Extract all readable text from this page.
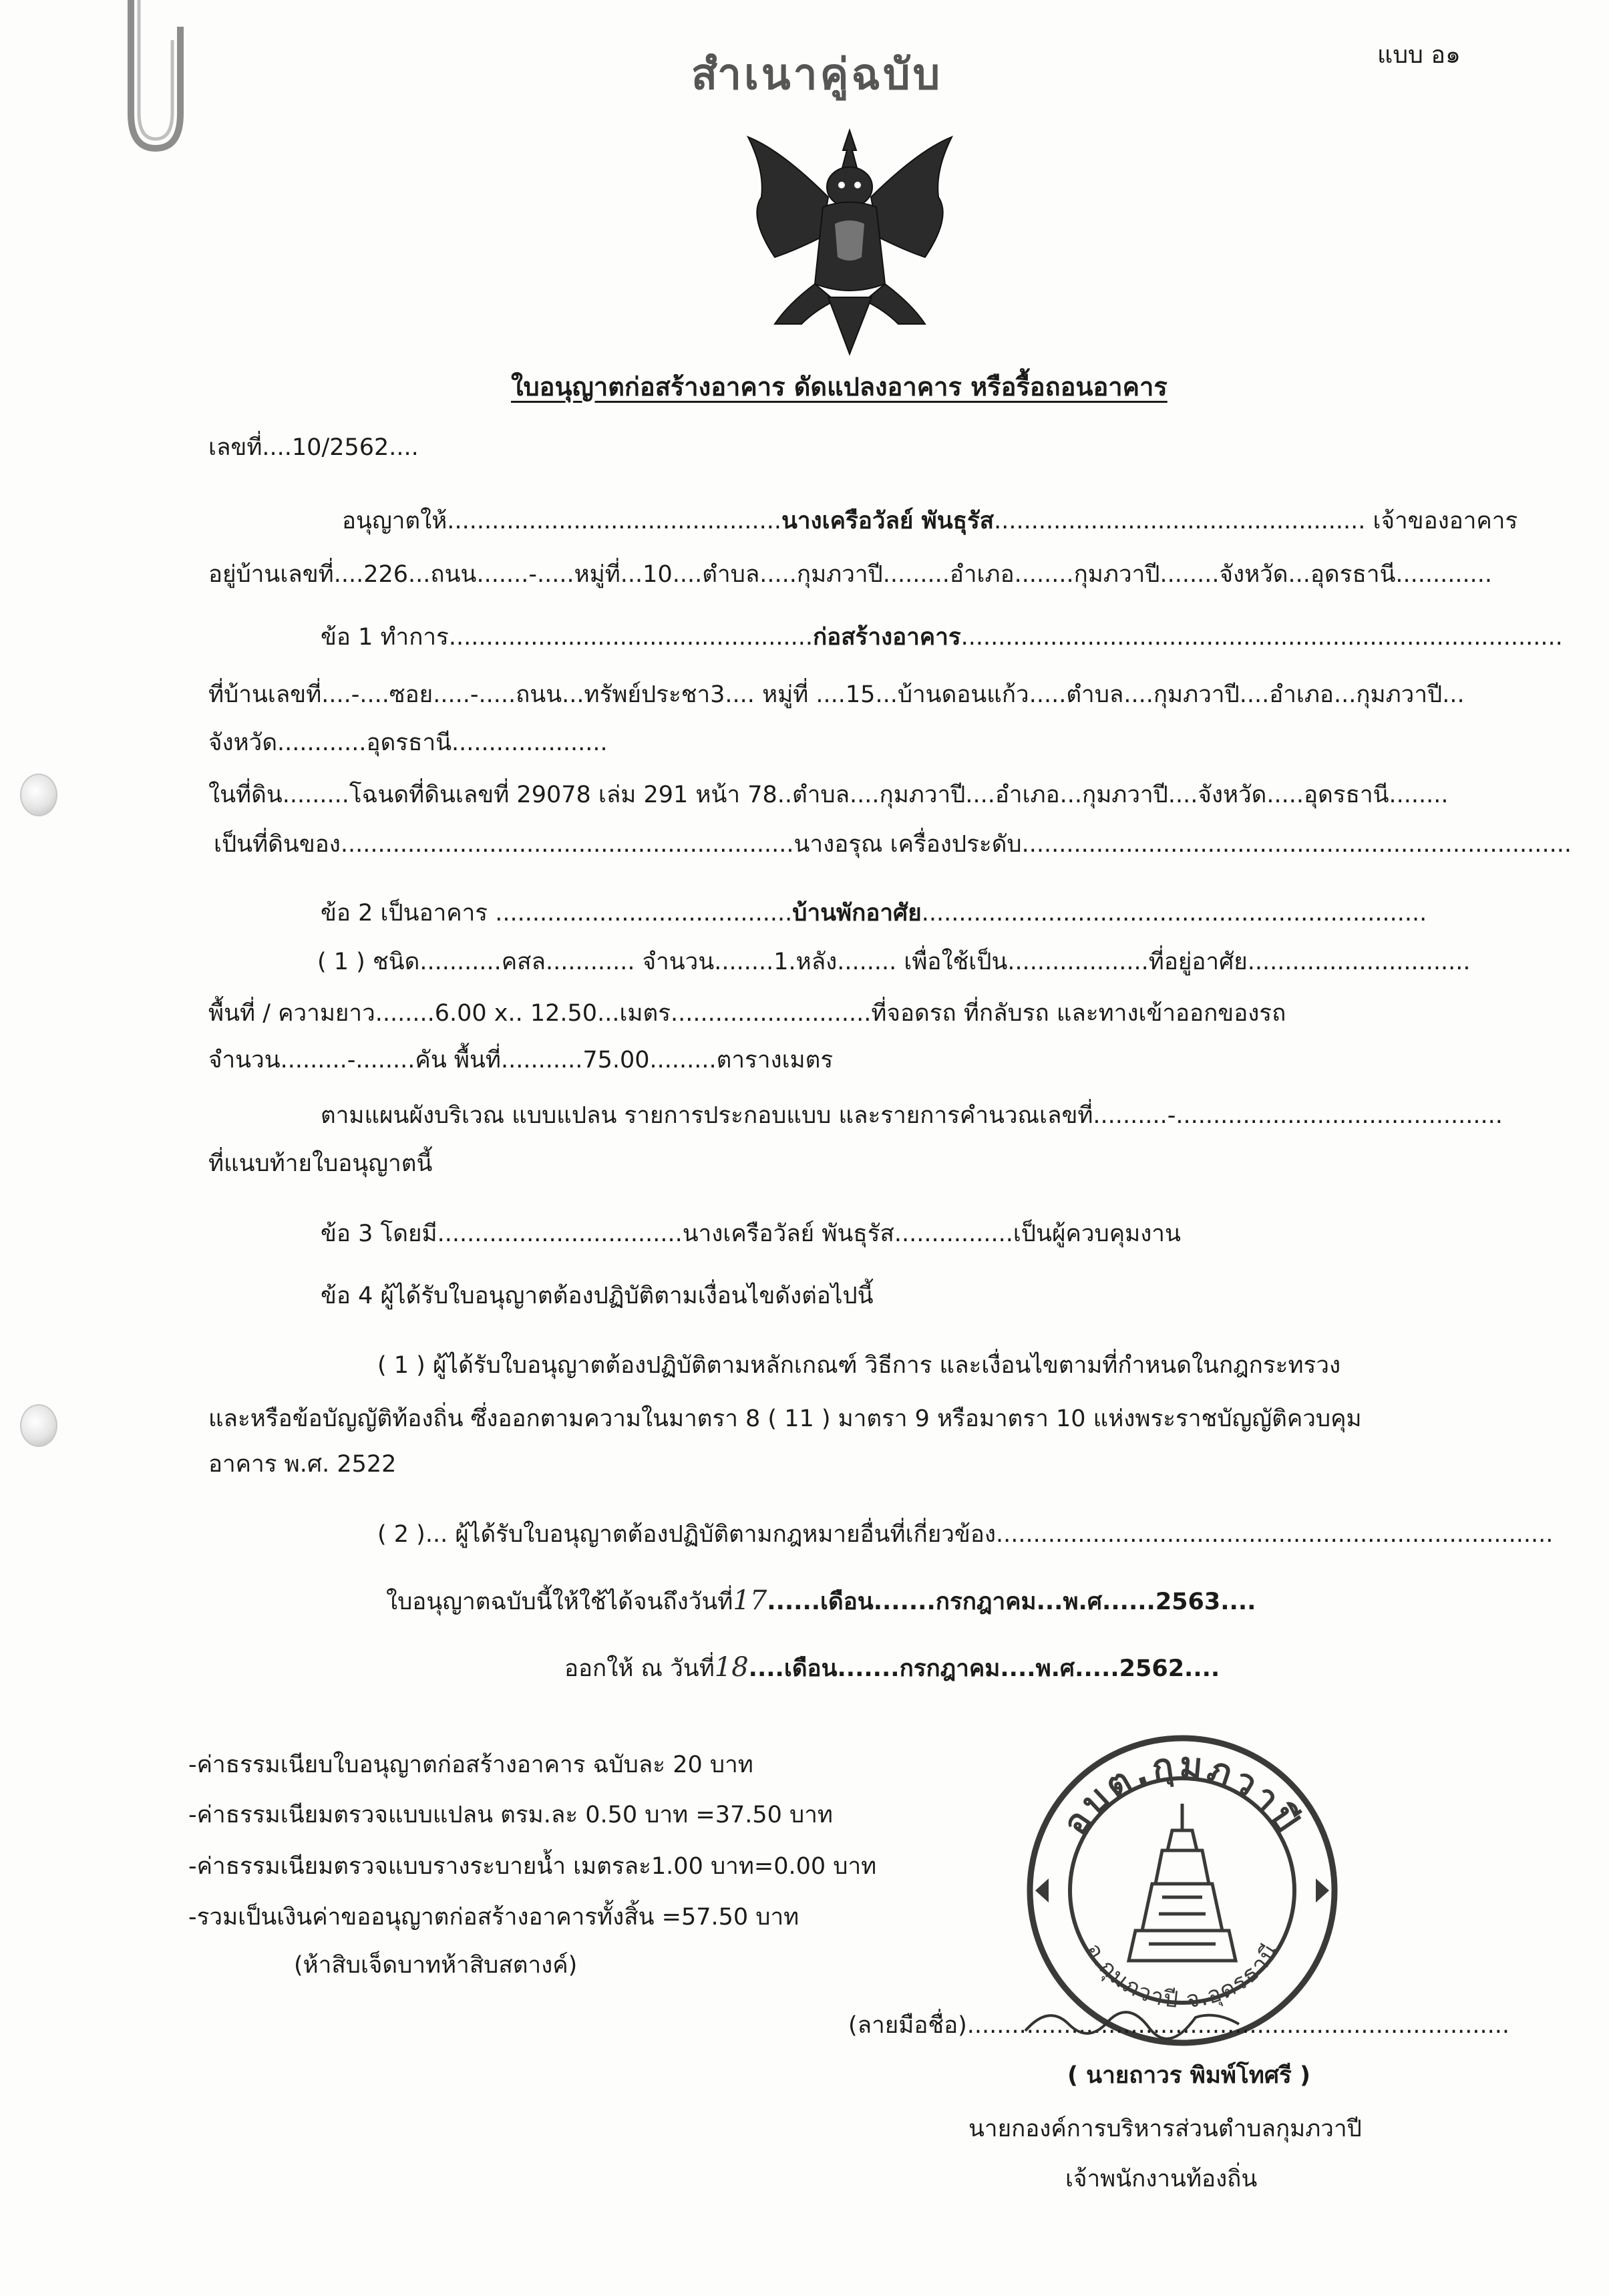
แบบ อ๑
สำเนาคู่ฉบับ
ใบอนุญาตก่อสร้างอาคาร ดัดแปลงอาคาร หรือรื้อถอนอาคาร
เลขที่....10/2562....
อนุญาตให้.............................................นางเครือวัลย์ พันธุรัส.................................................. เจ้าของอาคาร
อยู่บ้านเลขที่....226...ถนน.......-.....หมู่ที่...10....ตำบล.....กุมภวาปี.........อำเภอ........กุมภวาปี........จังหวัด...อุดรธานี.............
ข้อ 1 ทำการ.................................................ก่อสร้างอาคาร.................................................................................
ที่บ้านเลขที่....-....ซอย.....-.....ถนน...ทรัพย์ประชา3.... หมู่ที่ ....15...บ้านดอนแก้ว.....ตำบล....กุมภวาปี....อำเภอ...กุมภวาปี...
จังหวัด............อุดรธานี.....................
ในที่ดิน.........โฉนดที่ดินเลขที่ 29078 เล่ม 291 หน้า 78..ตำบล....กุมภวาปี....อำเภอ...กุมภวาปี....จังหวัด.....อุดรธานี........
เป็นที่ดินของ.............................................................นางอรุณ เครื่องประดับ..........................................................................
ข้อ 2 เป็นอาคาร ........................................บ้านพักอาศัย....................................................................
( 1 ) ชนิด...........คสล............ จำนวน........1.หลัง........ เพื่อใช้เป็น...................ที่อยู่อาศัย..............................
พื้นที่ / ความยาว........6.00 x.. 12.50...เมตร...........................ที่จอดรถ ที่กลับรถ และทางเข้าออกของรถ
จำนวน.........-........คัน พื้นที่...........75.00.........ตารางเมตร
ตามแผนผังบริเวณ แบบแปลน รายการประกอบแบบ และรายการคำนวณเลขที่..........-............................................
ที่แนบท้ายใบอนุญาตนี้
ข้อ 3 โดยมี.................................นางเครือวัลย์ พันธุรัส................เป็นผู้ควบคุมงาน
ข้อ 4 ผู้ได้รับใบอนุญาตต้องปฏิบัติตามเงื่อนไขดังต่อไปนี้
( 1 ) ผู้ได้รับใบอนุญาตต้องปฏิบัติตามหลักเกณฑ์ วิธีการ และเงื่อนไขตามที่กำหนดในกฎกระทรวง
และหรือข้อบัญญัติท้องถิ่น ซึ่งออกตามความในมาตรา 8 ( 11 ) มาตรา 9 หรือมาตรา 10 แห่งพระราชบัญญัติควบคุม
อาคาร พ.ศ. 2522
( 2 )... ผู้ได้รับใบอนุญาตต้องปฏิบัติตามกฎหมายอื่นที่เกี่ยวข้อง...........................................................................
ใบอนุญาตฉบับนี้ให้ใช้ได้จนถึงวันที่17......เดือน.......กรกฎาคม...พ.ศ......2563....
ออกให้ ณ วันที่18....เดือน.......กรกฎาคม....พ.ศ.....2562....
-ค่าธรรมเนียบใบอนุญาตก่อสร้างอาคาร ฉบับละ 20 บาท
-ค่าธรรมเนียมตรวจแบบแปลน ตรม.ละ 0.50 บาท =37.50 บาท
-ค่าธรรมเนียมตรวจแบบรางระบายน้ำ เมตรละ1.00 บาท=0.00 บาท
-รวมเป็นเงินค่าขออนุญาตก่อสร้างอาคารทั้งสิ้น =57.50 บาท
(ห้าสิบเจ็ดบาทห้าสิบสตางค์)
อบต.กุมภวาปี
อ.กุมภวาปี จ.อุดรธานี
(ลายมือชื่อ).........................................................................
( นายถาวร พิมพ์โทศรี )
นายกองค์การบริหารส่วนตำบลกุมภวาปี
เจ้าพนักงานท้องถิ่น
